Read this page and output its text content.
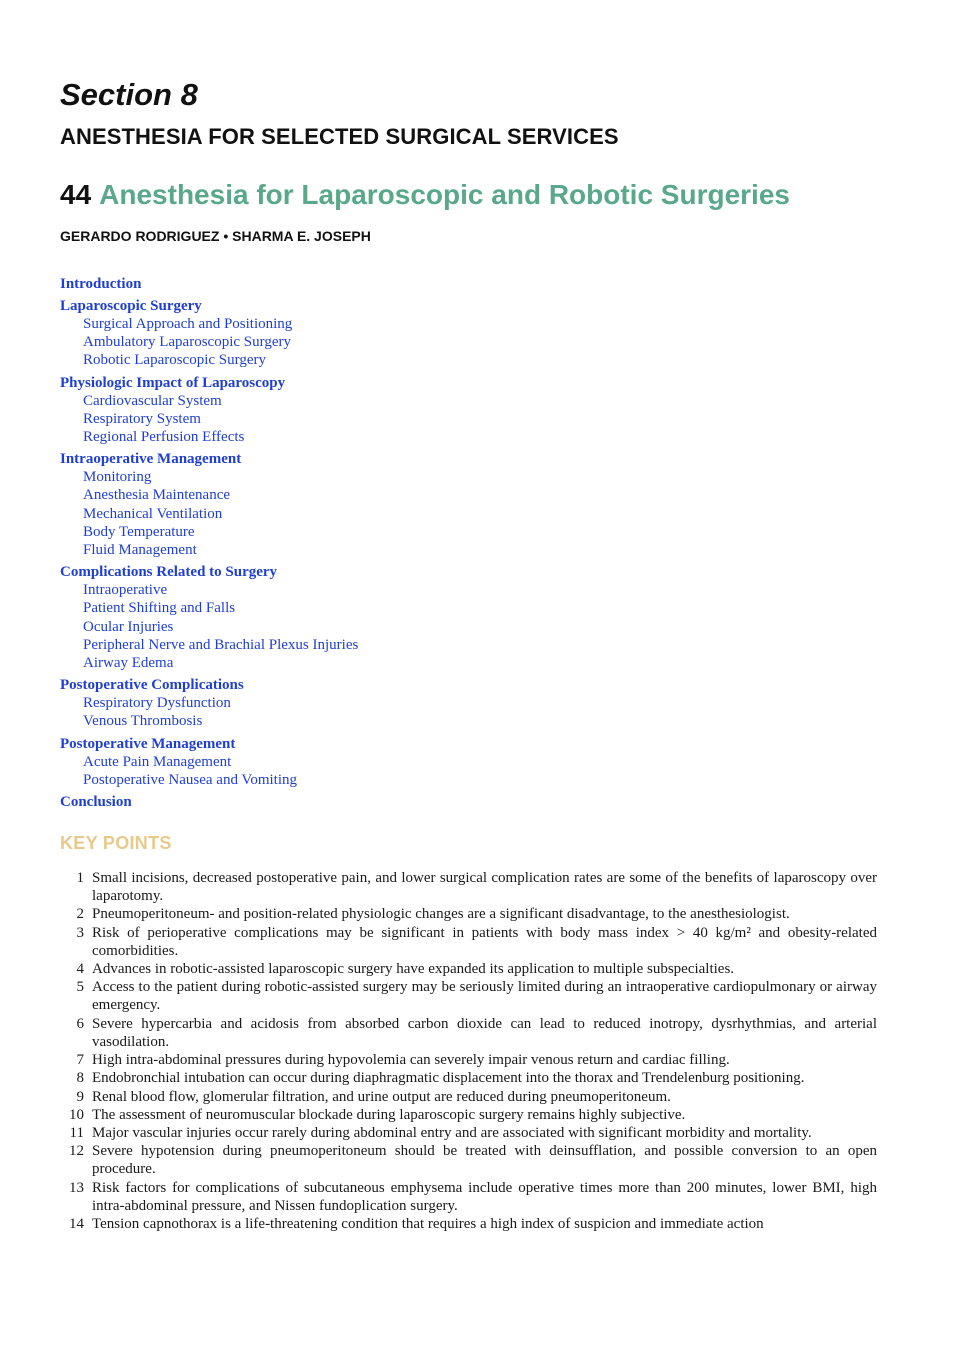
Section 8
ANESTHESIA FOR SELECTED SURGICAL SERVICES
44 Anesthesia for Laparoscopic and Robotic Surgeries
GERARDO RODRIGUEZ • SHARMA E. JOSEPH
Introduction
Laparoscopic Surgery
Surgical Approach and Positioning
Ambulatory Laparoscopic Surgery
Robotic Laparoscopic Surgery
Physiologic Impact of Laparoscopy
Cardiovascular System
Respiratory System
Regional Perfusion Effects
Intraoperative Management
Monitoring
Anesthesia Maintenance
Mechanical Ventilation
Body Temperature
Fluid Management
Complications Related to Surgery
Intraoperative
Patient Shifting and Falls
Ocular Injuries
Peripheral Nerve and Brachial Plexus Injuries
Airway Edema
Postoperative Complications
Respiratory Dysfunction
Venous Thrombosis
Postoperative Management
Acute Pain Management
Postoperative Nausea and Vomiting
Conclusion
KEY POINTS
1 Small incisions, decreased postoperative pain, and lower surgical complication rates are some of the benefits of laparoscopy over laparotomy.
2 Pneumoperitoneum- and position-related physiologic changes are a significant disadvantage, to the anesthesiologist.
3 Risk of perioperative complications may be significant in patients with body mass index > 40 kg/m² and obesity-related comorbidities.
4 Advances in robotic-assisted laparoscopic surgery have expanded its application to multiple subspecialties.
5 Access to the patient during robotic-assisted surgery may be seriously limited during an intraoperative cardiopulmonary or airway emergency.
6 Severe hypercarbia and acidosis from absorbed carbon dioxide can lead to reduced inotropy, dysrhythmias, and arterial vasodilation.
7 High intra-abdominal pressures during hypovolemia can severely impair venous return and cardiac filling.
8 Endobronchial intubation can occur during diaphragmatic displacement into the thorax and Trendelenburg positioning.
9 Renal blood flow, glomerular filtration, and urine output are reduced during pneumoperitoneum.
10 The assessment of neuromuscular blockade during laparoscopic surgery remains highly subjective.
11 Major vascular injuries occur rarely during abdominal entry and are associated with significant morbidity and mortality.
12 Severe hypotension during pneumoperitoneum should be treated with deinsufflation, and possible conversion to an open procedure.
13 Risk factors for complications of subcutaneous emphysema include operative times more than 200 minutes, lower BMI, high intra-abdominal pressure, and Nissen fundoplication surgery.
14 Tension capnothorax is a life-threatening condition that requires a high index of suspicion and immediate action
